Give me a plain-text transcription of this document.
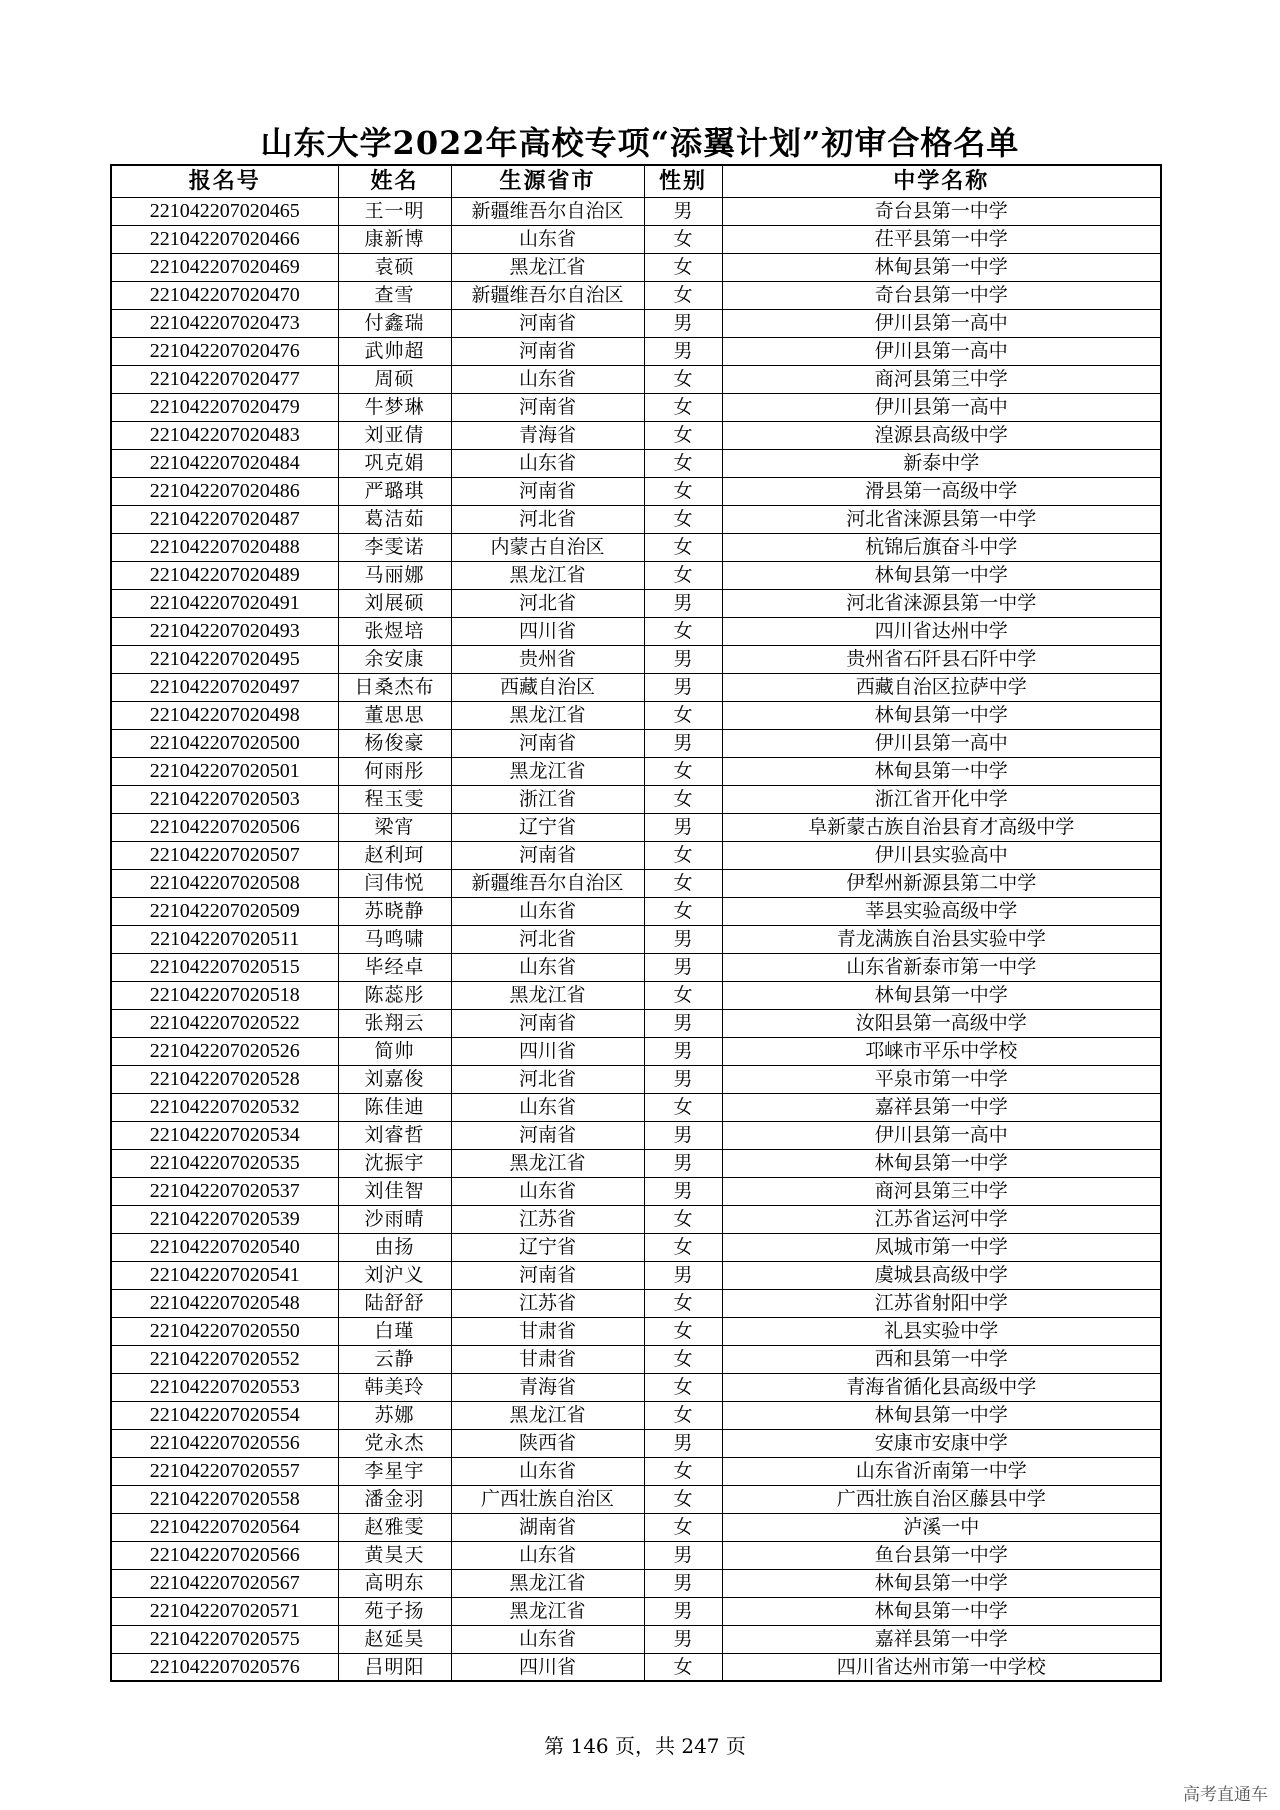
山东大学2022年高校专项“添翼计划”初审合格名单
报名号	姓名	生源省市	性别	中学名称
221042207020465	王一明	新疆维吾尔自治区	男	奇台县第一中学
221042207020466	康新博	山东省	女	茌平县第一中学
221042207020469	袁硕	黑龙江省	女	林甸县第一中学
221042207020470	查雪	新疆维吾尔自治区	女	奇台县第一中学
221042207020473	付鑫瑞	河南省	男	伊川县第一高中
221042207020476	武帅超	河南省	男	伊川县第一高中
221042207020477	周硕	山东省	女	商河县第三中学
221042207020479	牛梦琳	河南省	女	伊川县第一高中
221042207020483	刘亚倩	青海省	女	湟源县高级中学
221042207020484	巩克娟	山东省	女	新泰中学
221042207020486	严璐琪	河南省	女	滑县第一高级中学
221042207020487	葛洁茹	河北省	女	河北省涞源县第一中学
221042207020488	李雯诺	内蒙古自治区	女	杭锦后旗奋斗中学
221042207020489	马丽娜	黑龙江省	女	林甸县第一中学
221042207020491	刘展硕	河北省	男	河北省涞源县第一中学
221042207020493	张煜培	四川省	女	四川省达州中学
221042207020495	余安康	贵州省	男	贵州省石阡县石阡中学
221042207020497	日桑杰布	西藏自治区	男	西藏自治区拉萨中学
221042207020498	董思思	黑龙江省	女	林甸县第一中学
221042207020500	杨俊豪	河南省	男	伊川县第一高中
221042207020501	何雨彤	黑龙江省	女	林甸县第一中学
221042207020503	程玉雯	浙江省	女	浙江省开化中学
221042207020506	梁宵	辽宁省	男	阜新蒙古族自治县育才高级中学
221042207020507	赵利珂	河南省	女	伊川县实验高中
221042207020508	闫伟悦	新疆维吾尔自治区	女	伊犁州新源县第二中学
221042207020509	苏晓静	山东省	女	莘县实验高级中学
221042207020511	马鸣啸	河北省	男	青龙满族自治县实验中学
221042207020515	毕经卓	山东省	男	山东省新泰市第一中学
221042207020518	陈蕊彤	黑龙江省	女	林甸县第一中学
221042207020522	张翔云	河南省	男	汝阳县第一高级中学
221042207020526	简帅	四川省	男	邛崃市平乐中学校
221042207020528	刘嘉俊	河北省	男	平泉市第一中学
221042207020532	陈佳迪	山东省	女	嘉祥县第一中学
221042207020534	刘睿哲	河南省	男	伊川县第一高中
221042207020535	沈振宇	黑龙江省	男	林甸县第一中学
221042207020537	刘佳智	山东省	男	商河县第三中学
221042207020539	沙雨晴	江苏省	女	江苏省运河中学
221042207020540	由扬	辽宁省	女	凤城市第一中学
221042207020541	刘沪义	河南省	男	虞城县高级中学
221042207020548	陆舒舒	江苏省	女	江苏省射阳中学
221042207020550	白瑾	甘肃省	女	礼县实验中学
221042207020552	云静	甘肃省	女	西和县第一中学
221042207020553	韩美玲	青海省	女	青海省循化县高级中学
221042207020554	苏娜	黑龙江省	女	林甸县第一中学
221042207020556	党永杰	陕西省	男	安康市安康中学
221042207020557	李星宇	山东省	女	山东省沂南第一中学
221042207020558	潘金羽	广西壮族自治区	女	广西壮族自治区藤县中学
221042207020564	赵雅雯	湖南省	女	泸溪一中
221042207020566	黄昊天	山东省	男	鱼台县第一中学
221042207020567	高明东	黑龙江省	男	林甸县第一中学
221042207020571	苑子扬	黑龙江省	男	林甸县第一中学
221042207020575	赵延昊	山东省	男	嘉祥县第一中学
221042207020576	吕明阳	四川省	女	四川省达州市第一中学校
第 146 页，共 247 页
高考直通车
